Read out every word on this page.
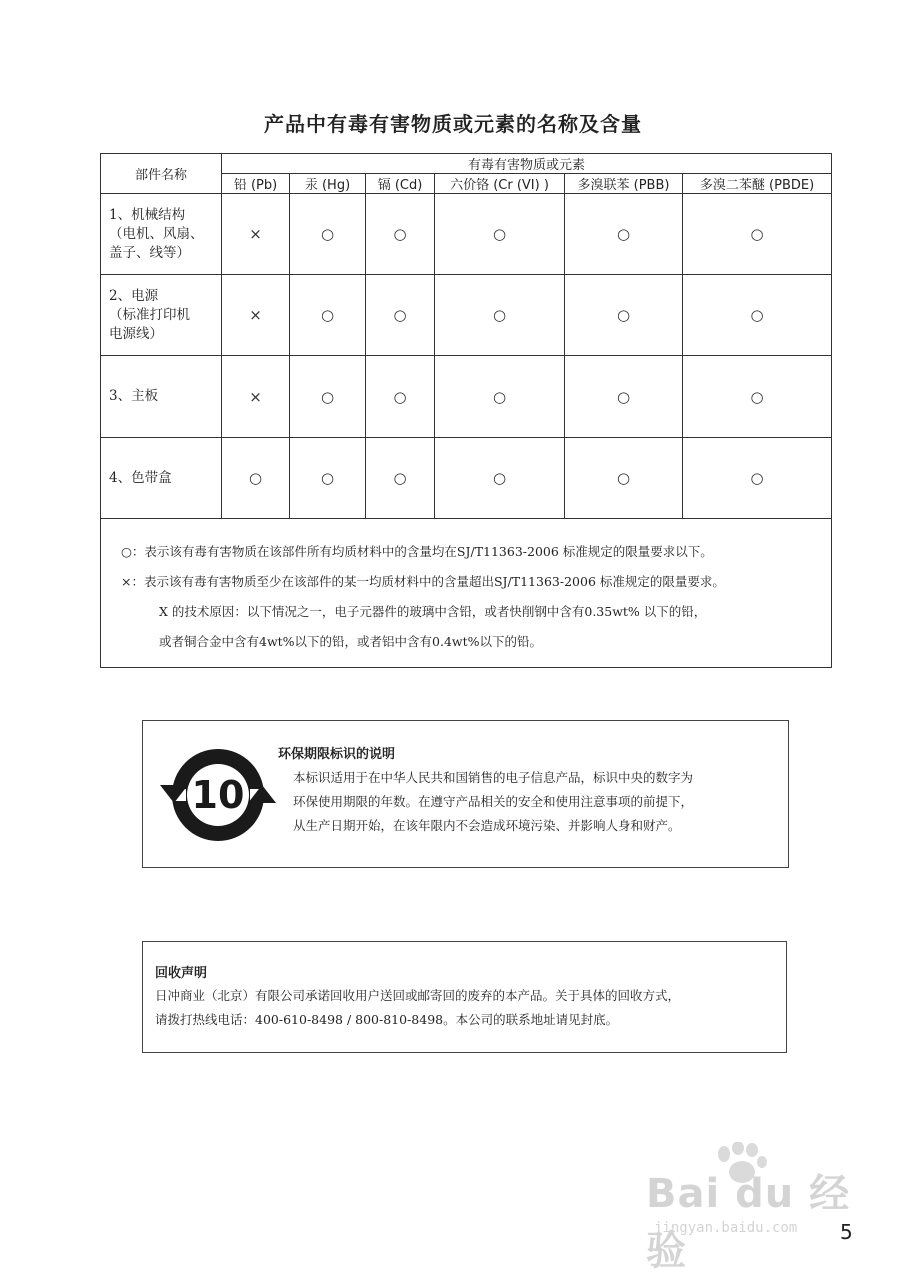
产品中有毒有害物质或元素的名称及含量
部件名称	有毒有害物质或元素					
	铅 (Pb)	汞 (Hg)	镉 (Cd)	六价铬 (Cr (VI) )	多溴联苯 (PBB)	多溴二苯醚 (PBDE)

1、机械结构
（电机、风扇、
盖子、线等）	×	○	○	○	○	○

2、电源
（标准打印机
电源线）	×	○	○	○	○	○

3、主板	×	○	○	○	○	○

4、色带盒	○	○	○	○	○	○

○：表示该有毒有害物质在该部件所有均质材料中的含量均在SJ/T11363-2006 标准规定的限量要求以下。
×：表示该有毒有害物质至少在该部件的某一均质材料中的含量超出SJ/T11363-2006 标准规定的限量要求。
X 的技术原因：以下情况之一，电子元器件的玻璃中含铅，或者快削钢中含有0.35wt% 以下的铅，
或者铜合金中含有4wt%以下的铅，或者铝中含有0.4wt%以下的铅。						
10
环保期限标识的说明
本标识适用于在中华人民共和国销售的电子信息产品，标识中央的数字为
环保使用期限的年数。在遵守产品相关的安全和使用注意事项的前提下，
从生产日期开始，在该年限内不会造成环境污染、并影响人身和财产。
回收声明
日冲商业（北京）有限公司承诺回收用户送回或邮寄回的废弃的本产品。关于具体的回收方式，
请拨打热线电话：400-610-8498 / 800-810-8498。本公司的联系地址请见封底。
Bai du 经验
jingyan.baidu.com 5
